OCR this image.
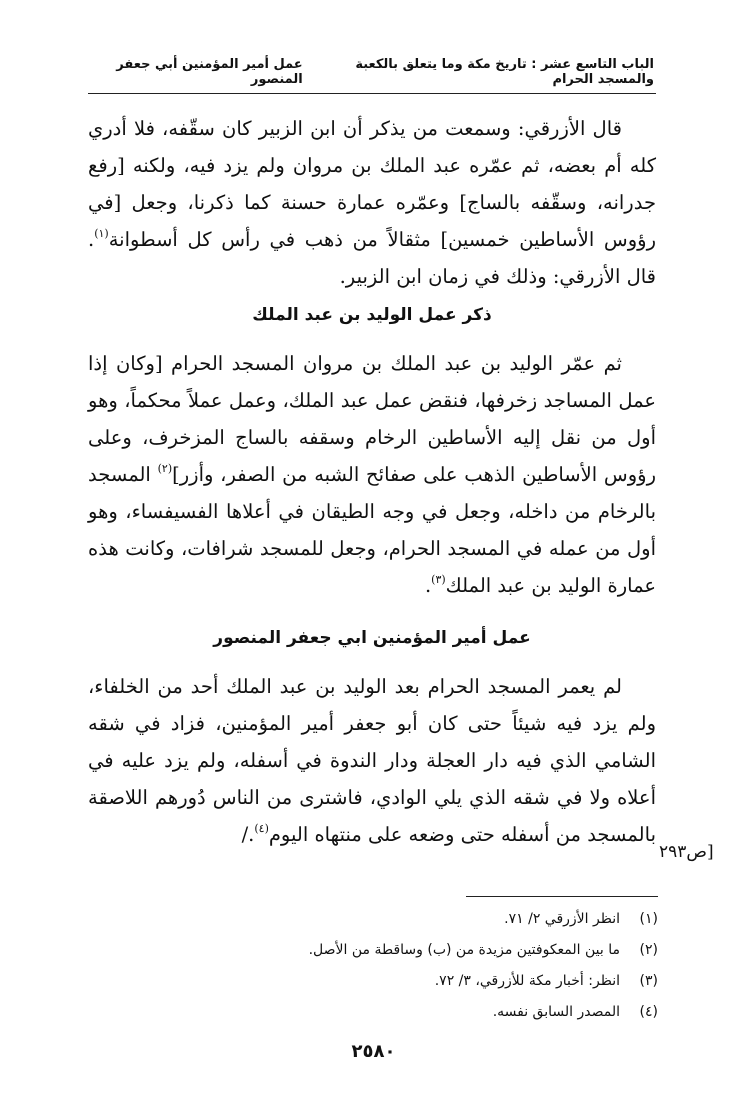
الباب التاسع عشر : تاريخ مكة وما يتعلق بالكعبة والمسجد الحرام
عمل أمير المؤمنين أبي جعفر المنصور

قال الأزرقي: وسمعت من يذكر أن ابن الزبير كان سقّفه، فلا أدري كله أم بعضه، ثم عمّره عبد الملك بن مروان ولم يزد فيه، ولكنه [رفع جدرانه، وسقّفه بالساج] وعمّره عمارة حسنة كما ذكرنا، وجعل [في رؤوس الأساطين خمسين] مثقالاً من ذهب في رأس كل أسطوانة$^{(١)}$. قال الأزرقي: وذلك في زمان ابن الزبير.

ذكر عمل الوليد بن عبد الملك

ثم عمّر الوليد بن عبد الملك بن مروان المسجد الحرام [وكان إذا عمل المساجد زخرفها، فنقض عمل عبد الملك، وعمل عملاً محكماً، وهو أول من نقل إليه الأساطين الرخام وسقفه بالساج المزخرف، وعلى رؤوس الأساطين الذهب على صفائح الشبه من الصفر، وأزر]$^{(٢)}$ المسجد بالرخام من داخله، وجعل في وجه الطيقان في أعلاها الفسيفساء، وهو أول من عمله في المسجد الحرام، وجعل للمسجد شرافات، وكانت هذه عمارة الوليد بن عبد الملك$^{(٣)}$.

عمل أمير المؤمنين ابي جعفر المنصور

لم يعمر المسجد الحرام بعد الوليد بن عبد الملك أحد من الخلفاء، ولم يزد فيه شيئاً حتى كان أبو جعفر أمير المؤمنين، فزاد في شقه الشامي الذي فيه دار العجلة ودار الندوة في أسفله، ولم يزد عليه في أعلاه ولا في شقه الذي يلي الوادي، فاشترى من الناس دُورهم اللاصقة بالمسجد من أسفله حتى وضعه على منتهاه اليوم$^{(٤)}$./

[ص٢٩٣
(١)انظر الأزرقي ٢/ ٧١.
(٢)ما بين المعكوفتين مزيدة من (ب) وساقطة من الأصل.
(٣)انظر: أخبار مكة للأزرقي، ٣/ ٧٢.
(٤)المصدر السابق نفسه.
٢٥٨٠
